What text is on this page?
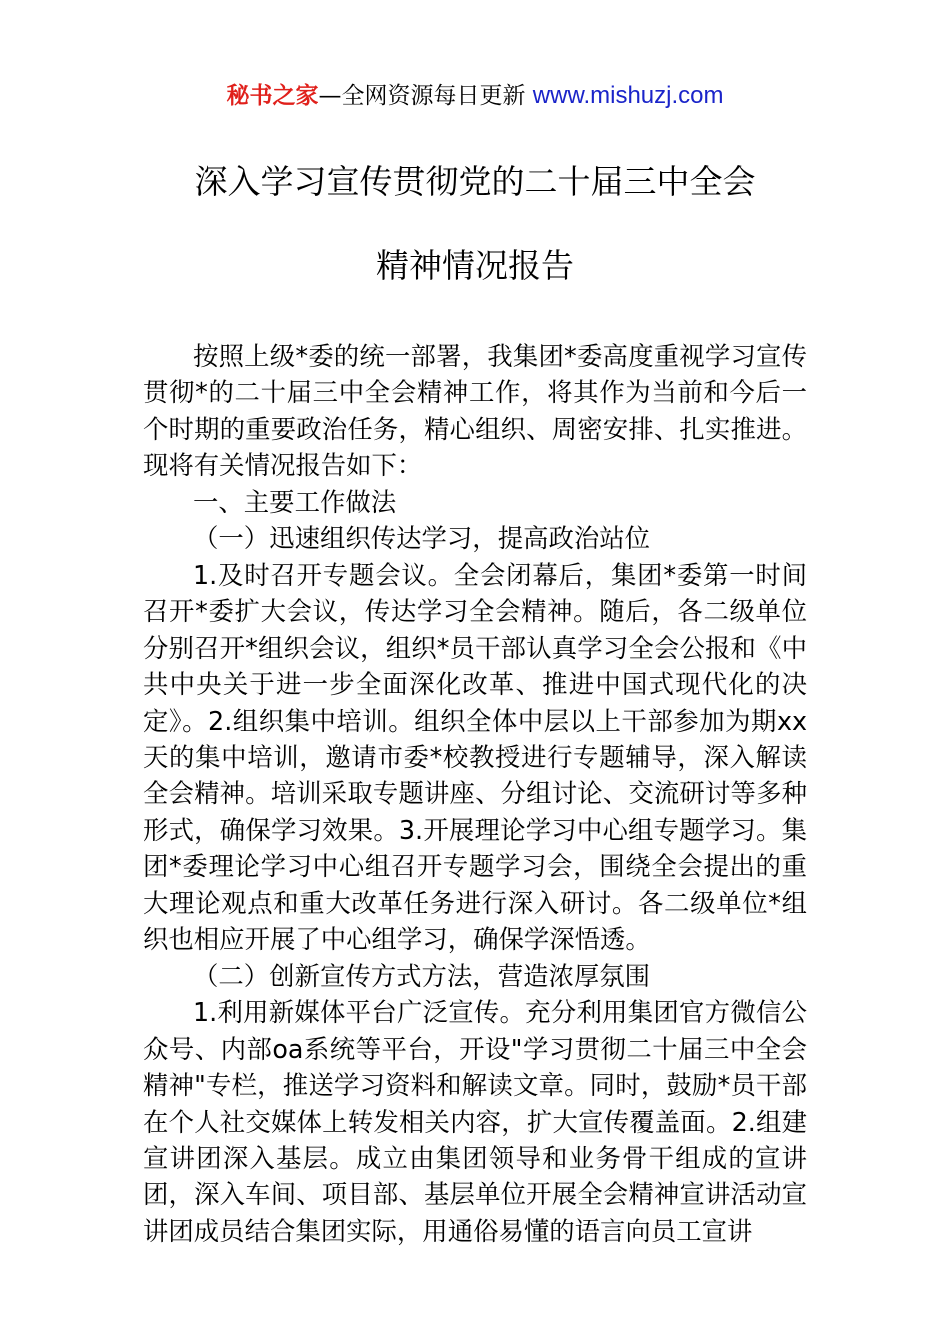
秘书之家—全网资源每日更新 www.mishuzj.com
深入学习宣传贯彻党的二十届三中全会
精神情况报告

按照上级*委的统一部署，我集团*委高度重视学习宣传贯彻*的二十届三中全会精神工作，将其作为当前和今后一个时期的重要政治任务，精心组织、周密安排、扎实推进。现将有关情况报告如下：

一、主要工作做法

（一）迅速组织传达学习，提高政治站位

1.及时召开专题会议。全会闭幕后，集团*委第一时间召开*委扩大会议，传达学习全会精神。随后，各二级单位分别召开*组织会议，组织*员干部认真学习全会公报和《中共中央关于进一步全面深化改革、推进中国式现代化的决定》。2.组织集中培训。组织全体中层以上干部参加为期xx天的集中培训，邀请市委*校教授进行专题辅导，深入解读全会精神。培训采取专题讲座、分组讨论、交流研讨等多种形式，确保学习效果。3.开展理论学习中心组专题学习。集团*委理论学习中心组召开专题学习会，围绕全会提出的重大理论观点和重大改革任务进行深入研讨。各二级单位*组织也相应开展了中心组学习，确保学深悟透。

（二）创新宣传方式方法，营造浓厚氛围

1.利用新媒体平台广泛宣传。充分利用集团官方微信公众号、内部oa系统等平台，开设"学习贯彻二十届三中全会精神"专栏，推送学习资料和解读文章。同时，鼓励*员干部在个人社交媒体上转发相关内容，扩大宣传覆盖面。2.组建宣讲团深入基层。成立由集团领导和业务骨干组成的宣讲团，深入车间、项目部、基层单位开展全会精神宣讲活动宣讲团成员结合集团实际，用通俗易懂的语言向员工宣讲
